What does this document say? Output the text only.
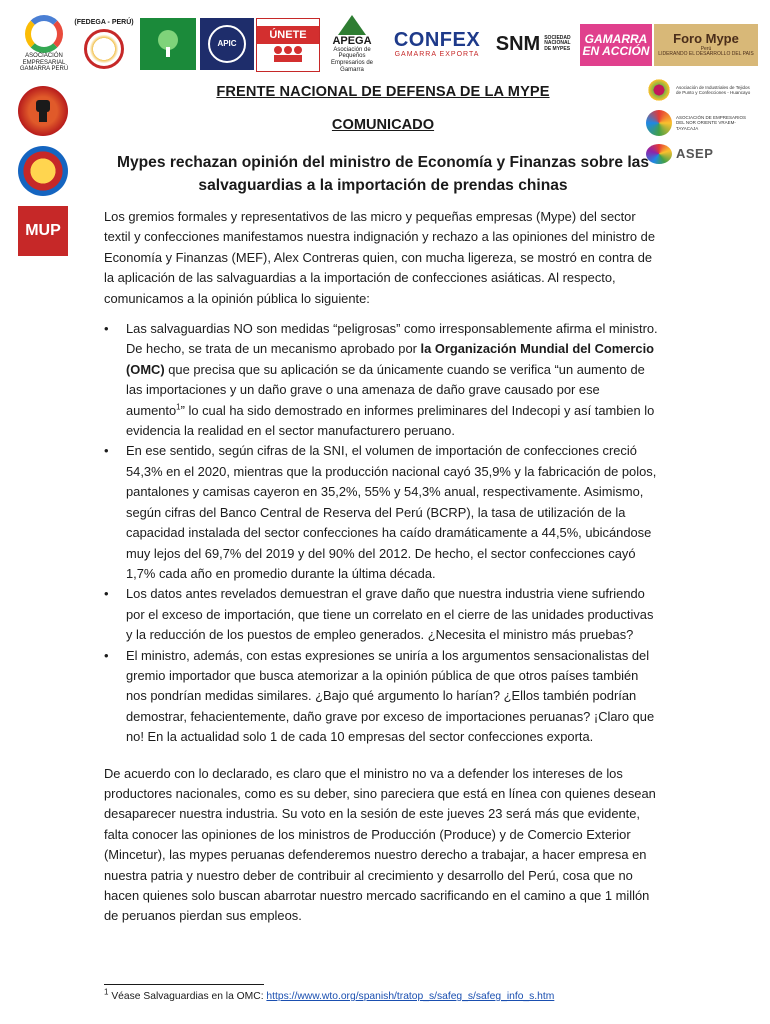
ASOCIACIÓN EMPRESARIAL GAMARRA PERÚ
(FEDEGA - PERÚ)
APIC
ÚNETE	APEGA
Asociación de Pequeños Empresarios de Gamarra
CONFEX
GAMARRA EXPORTA SNM SOCIEDAD NACIONAL DE MYPES
GAMARRA EN ACCIÓN
Foro Mype
Perú
LIDERANDO EL DESARROLLO DEL PAIS
MUP
Asociación de Industriales de Tejidos de Punto y Confecciones - Huancayo
ASOCIACIÓN DE EMPRESARIOS DEL NOR ORIENTE VRAEM-TAYACAJA
ASEP
FRENTE NACIONAL DE DEFENSA DE LA MYPE
COMUNICADO
Mypes rechazan opinión del ministro de Economía y Finanzas sobre las salvaguardias a la importación de prendas chinas

Los gremios formales y representativos de las micro y pequeñas empresas (Mype) del sector textil y confecciones manifestamos nuestra indignación y rechazo a las opiniones del ministro de Economía y Finanzas (MEF), Alex Contreras quien, con mucha ligereza, se mostró en contra de la aplicación de las salvaguardias a la importación de confecciones asiáticas. Al respecto, comunicamos a la opinión pública lo siguiente:

• Las salvaguardias NO son medidas “peligrosas” como irresponsablemente afirma el ministro. De hecho, se trata de un mecanismo aprobado por la Organización Mundial del Comercio (OMC) que precisa que su aplicación se da únicamente cuando se verifica “un aumento de las importaciones y un daño grave o una amenaza de daño grave causado por ese aumento$^1$” lo cual ha sido demostrado en informes preliminares del Indecopi y así tambien lo evidencia la realidad en el sector manufacturero peruano.
• En ese sentido, según cifras de la SNI, el volumen de importación de confecciones creció 54,3% en el 2020, mientras que la producción nacional cayó 35,9% y la fabricación de polos, pantalones y camisas cayeron en 35,2%, 55% y 54,3% anual, respectivamente. Asimismo, según cifras del Banco Central de Reserva del Perú (BCRP), la tasa de utilización de la capacidad instalada del sector confecciones ha caído dramáticamente a 44,5%, ubicándose muy lejos del 69,7% del 2019 y del 90% del 2012. De hecho, el sector confecciones cayó 1,7% cada año en promedio durante la última década.
• Los datos antes revelados demuestran el grave daño que nuestra industria viene sufriendo por el exceso de importación, que tiene un correlato en el cierre de las unidades productivas y la reducción de los puestos de empleo generados. ¿Necesita el ministro más pruebas?
• El ministro, además, con estas expresiones se uniría a los argumentos sensacionalistas del gremio importador que busca atemorizar a la opinión pública de que otros países también nos pondrían medidas similares. ¿Bajo qué argumento lo harían? ¿Ellos también podrían demostrar, fehacientemente, daño grave por exceso de importaciones peruanas? ¡Claro que no! En la actualidad solo 1 de cada 10 empresas del sector confecciones exporta.

De acuerdo con lo declarado, es claro que el ministro no va a defender los intereses de los productores nacionales, como es su deber, sino pareciera que está en línea con quienes desean desaparecer nuestra industria. Su voto en la sesión de este jueves 23 será más que evidente, falta conocer las opiniones de los ministros de Producción (Produce) y de Comercio Exterior (Mincetur), las mypes peruanas defenderemos nuestro derecho a trabajar, a hacer empresa en nuestra patria y nuestro deber de contribuir al crecimiento y desarrollo del Perú, cosa que no hacen quienes solo buscan abarrotar nuestro mercado sacrificando en el camino a que 1 millón de peruanos pierdan sus empleos.

$^1$ Véase Salvaguardias en la OMC: https://www.wto.org/spanish/tratop_s/safeg_s/safeg_info_s.htm
